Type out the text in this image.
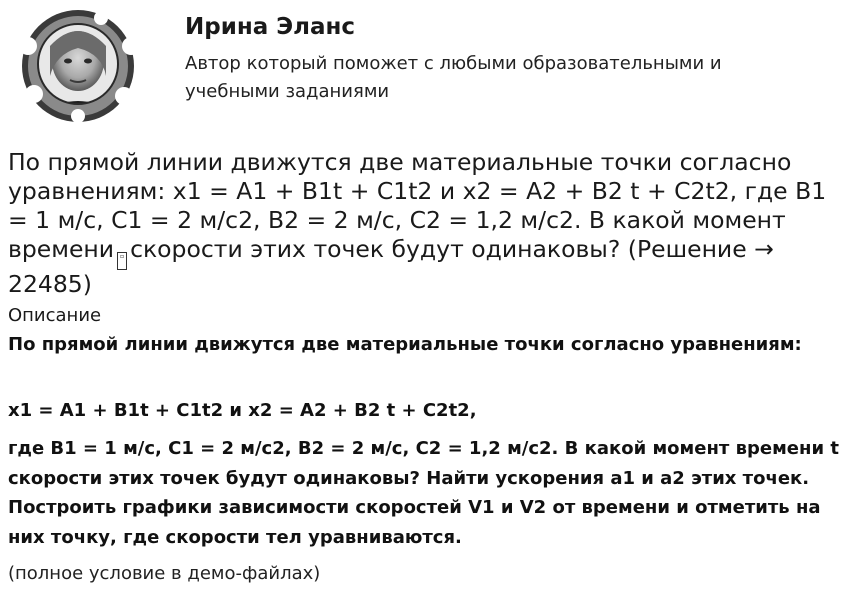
Ирина Эланс
Автор который поможет с любыми образовательными и учебными заданиями
По прямой линии движутся две материальные точки согласно уравнениям: x1 = A1 + B1t + C1t2 и x2 = A2 + B2 t + C2t2, где B1 = 1 м/с, C1 = 2 м/с2, B2 = 2 м/с, C2 = 1,2 м/с2. В какой момент времени ▫ скорости этих точек будут одинаковы? (Решение → 22485)
Описание

По прямой линии движутся две материальные точки согласно уравнениям:

x1 = A1 + B1t + C1t2 и x2 = A2 + B2 t + C2t2,

где B1 = 1 м/с, C1 = 2 м/с2, B2 = 2 м/с, C2 = 1,2 м/с2. В какой момент времени t скорости этих точек будут одинаковы? Найти ускорения a1 и a2 этих точек. Построить графики зависимости скоростей V1 и V2 от времени и отметить на них точку, где скорости тел уравниваются.

(полное условие в демо-файлах)
